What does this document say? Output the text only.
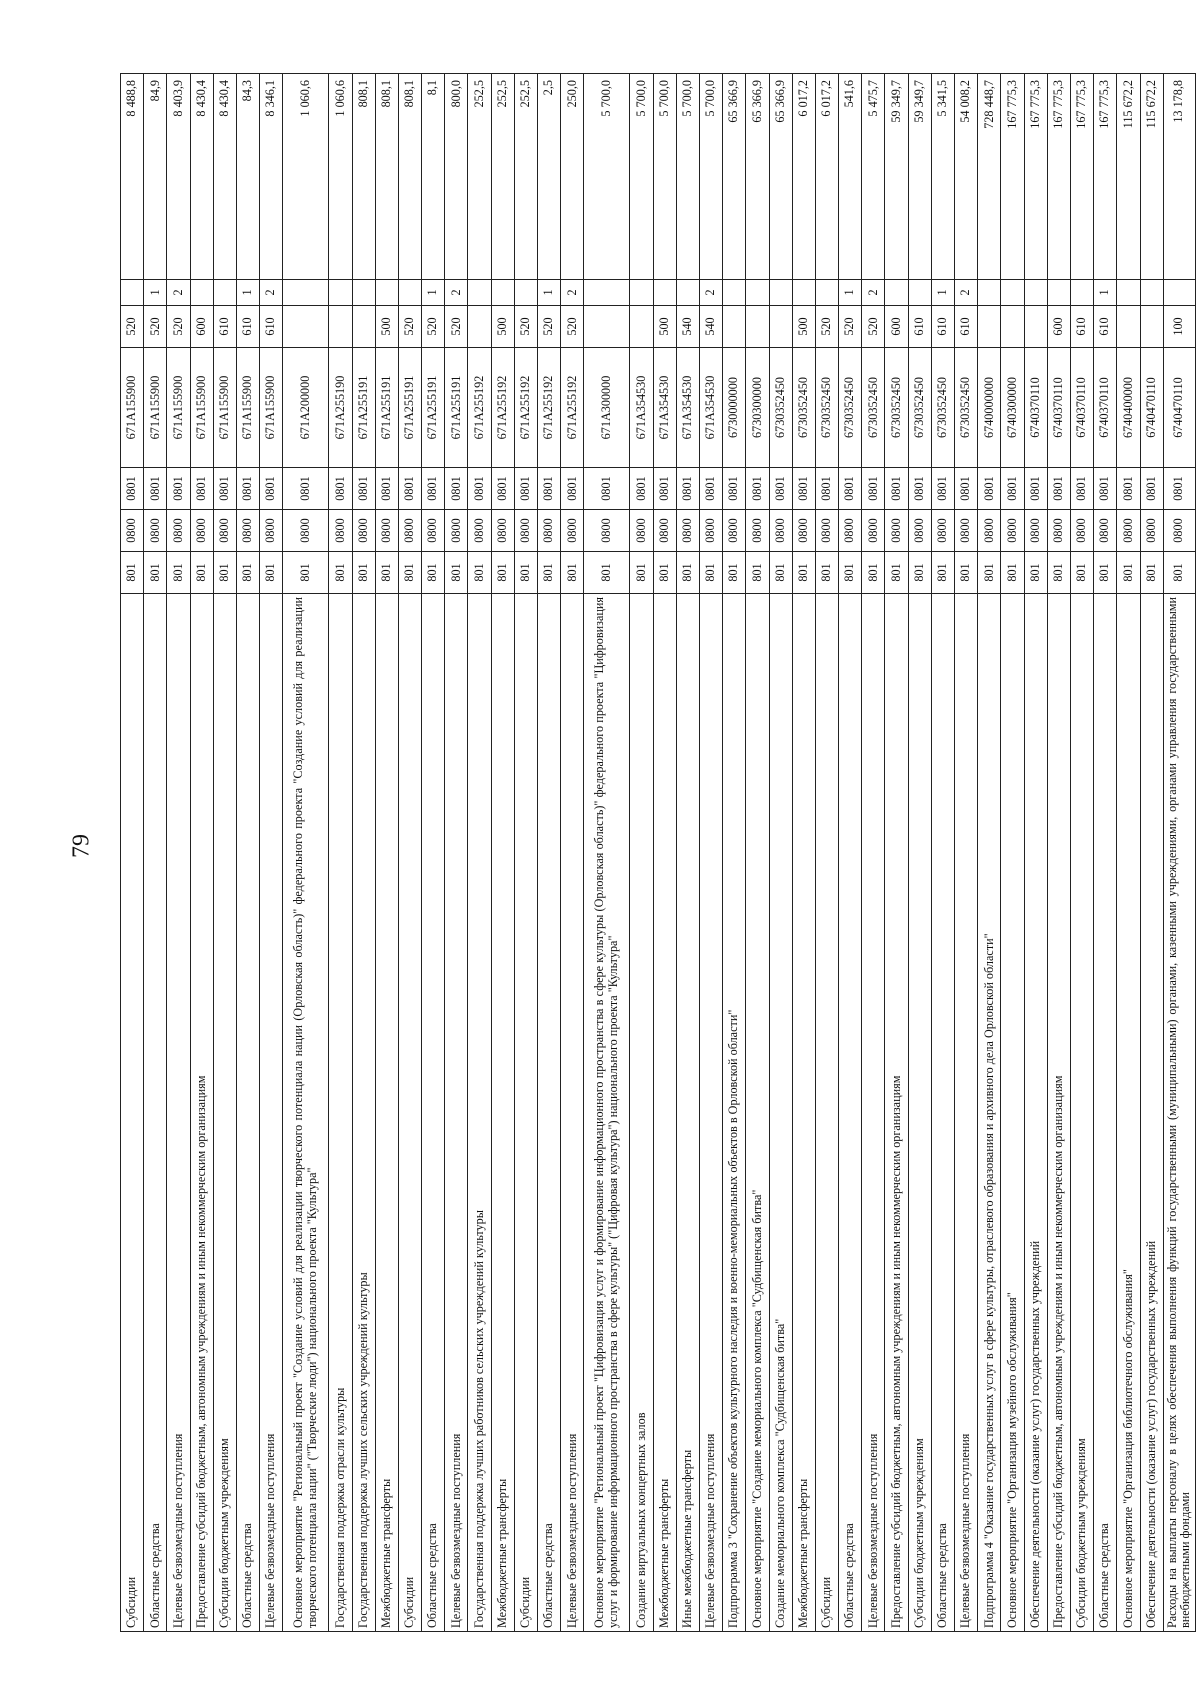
79
Субсидии	801	0800	0801	671A155900	520		8 488,8
Областные средства	801	0800	0801	671A155900	520	1	84,9
Целевые безвозмездные поступления	801	0800	0801	671A155900	520	2	8 403,9
Предоставление субсидий бюджетным, автономным учреждениям и иным некоммерческим организациям	801	0800	0801	671A155900	600		8 430,4
Субсидии бюджетным учреждениям	801	0800	0801	671A155900	610		8 430,4
Областные средства	801	0800	0801	671A155900	610	1	84,3
Целевые безвозмездные поступления	801	0800	0801	671A155900	610	2	8 346,1
Основное мероприятие "Региональный проект "Создание условий для реализации творческого потенциала нации (Орловская область)" федерального проекта "Создание условий для реализации творческого потенциала нации" ("Творческие люди") национального проекта "Культура"	801	0800	0801	671A200000			1 060,6
Государственная поддержка отрасли культуры	801	0800	0801	671A255190			1 060,6
Государственная поддержка лучших сельских учреждений культуры	801	0800	0801	671A255191			808,1
Межбюджетные трансферты	801	0800	0801	671A255191	500		808,1
Субсидии	801	0800	0801	671A255191	520		808,1
Областные средства	801	0800	0801	671A255191	520	1	8,1
Целевые безвозмездные поступления	801	0800	0801	671A255191	520	2	800,0
Государственная поддержка лучших работников сельских учреждений культуры	801	0800	0801	671A255192			252,5
Межбюджетные трансферты	801	0800	0801	671A255192	500		252,5
Субсидии	801	0800	0801	671A255192	520		252,5
Областные средства	801	0800	0801	671A255192	520	1	2,5
Целевые безвозмездные поступления	801	0800	0801	671A255192	520	2	250,0
Основное мероприятие "Региональный проект "Цифровизация услуг и формирование информационного пространства в сфере культуры (Орловская область)" федерального проекта "Цифровизация услуг и формирование информационного пространства в сфере культуры" ("Цифровая культура") национального проекта "Культура"	801	0800	0801	671A300000			5 700,0
Создание виртуальных концертных залов	801	0800	0801	671A354530			5 700,0
Межбюджетные трансферты	801	0800	0801	671A354530	500		5 700,0
Иные межбюджетные трансферты	801	0800	0801	671A354530	540		5 700,0
Целевые безвозмездные поступления	801	0800	0801	671A354530	540	2	5 700,0
Подпрограмма 3 "Сохранение объектов культурного наследия и военно-мемориальных объектов в Орловской области"	801	0800	0801	6730000000			65 366,9
Основное мероприятие "Создание мемориального комплекса "Судбищенская битва"	801	0800	0801	6730300000			65 366,9
Создание мемориального комплекса "Судбищенская битва"	801	0800	0801	6730352450			65 366,9
Межбюджетные трансферты	801	0800	0801	6730352450	500		6 017,2
Субсидии	801	0800	0801	6730352450	520		6 017,2
Областные средства	801	0800	0801	6730352450	520	1	541,6
Целевые безвозмездные поступления	801	0800	0801	6730352450	520	2	5 475,7
Предоставление субсидий бюджетным, автономным учреждениям и иным некоммерческим организациям	801	0800	0801	6730352450	600		59 349,7
Субсидии бюджетным учреждениям	801	0800	0801	6730352450	610		59 349,7
Областные средства	801	0800	0801	6730352450	610	1	5 341,5
Целевые безвозмездные поступления	801	0800	0801	6730352450	610	2	54 008,2
Подпрограмма 4 "Оказание государственных услуг в сфере культуры, отраслевого образования и архивного дела Орловской области"	801	0800	0801	6740000000			728 448,7
Основное мероприятие "Организация музейного обслуживания"	801	0800	0801	6740300000			167 775,3
Обеспечение деятельности (оказание услуг) государственных учреждений	801	0800	0801	6740370110			167 775,3
Предоставление субсидий бюджетным, автономным учреждениям и иным некоммерческим организациям	801	0800	0801	6740370110	600		167 775,3
Субсидии бюджетным учреждениям	801	0800	0801	6740370110	610		167 775,3
Областные средства	801	0800	0801	6740370110	610	1	167 775,3
Основное мероприятие "Организация библиотечного обслуживания"	801	0800	0801	6740400000			115 672,2
Обеспечение деятельности (оказание услуг) государственных учреждений	801	0800	0801	6740470110			115 672,2
Расходы на выплаты персоналу в целях обеспечения выполнения функций государственными (муниципальными) органами, казенными учреждениями, органами управления государственными внебюджетными фондами	801	0800	0801	6740470110	100		13 178,8
